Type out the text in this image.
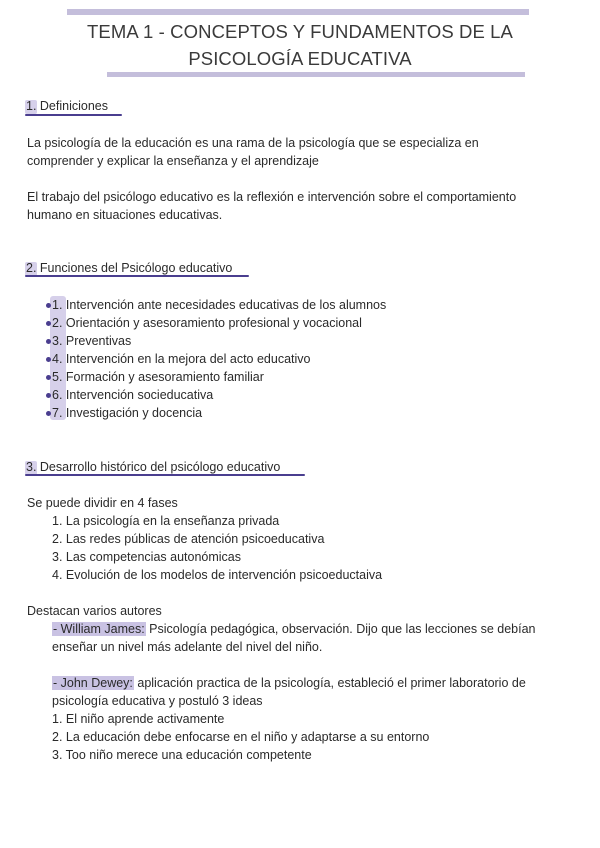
TEMA 1 - CONCEPTOS Y FUNDAMENTOS DE LA
PSICOLOGÍA EDUCATIVA
1. Definiciones
La psicología de la educación es una rama de la psicología que se especializa en
comprender y explicar la enseñanza y el aprendizaje
El trabajo del psicólogo educativo es la reflexión e intervención sobre el comportamiento
humano en situaciones educativas.
2. Funciones del Psicólogo educativo
1. Intervención ante necesidades educativas de los alumnos
2. Orientación y asesoramiento profesional y vocacional
3. Preventivas
4. Intervención en la mejora del acto educativo
5. Formación y asesoramiento familiar
6. Intervención socieducativa
7. Investigación y docencia
3. Desarrollo histórico del psicólogo educativo
Se puede dividir en 4 fases
1. La psicología en la enseñanza privada
2. Las redes públicas de atención psicoeducativa
3. Las competencias autonómicas
4. Evolución de los modelos de intervención psicoeductaiva
Destacan varios autores
- William James: Psicología pedagógica, observación. Dijo que las lecciones se debían
enseñar un nivel más adelante del nivel del niño.
- John Dewey: aplicación practica de la psicología, estableció el primer laboratorio de
psicología educativa y postuló 3 ideas
1. El niño aprende activamente
2. La educación debe enfocarse en el niño y adaptarse a su entorno
3. Too niño merece una educación competente
